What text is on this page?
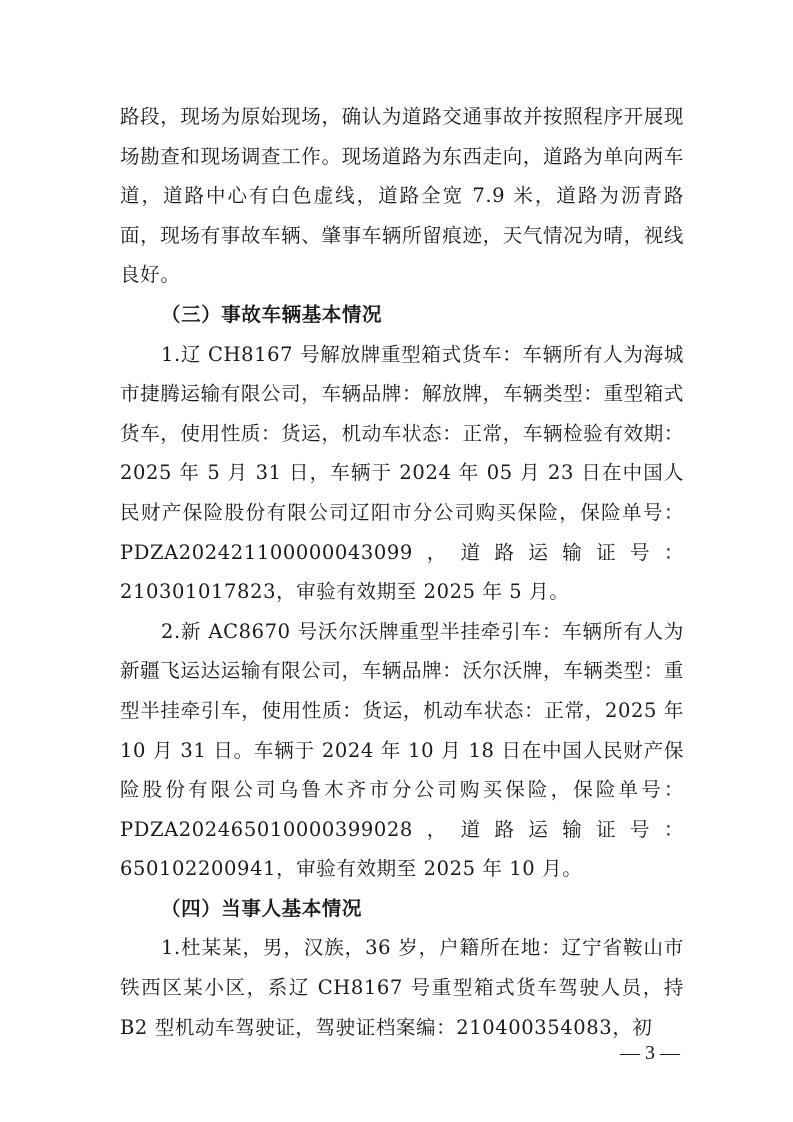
路段，现场为原始现场，确认为道路交通事故并按照程序开展现场勘查和现场调查工作。现场道路为东西走向，道路为单向两车道，道路中心有白色虚线，道路全宽 7.9 米，道路为沥青路面，现场有事故车辆、肇事车辆所留痕迹，天气情况为晴，视线良好。

（三）事故车辆基本情况

1.辽 CH8167 号解放牌重型箱式货车：车辆所有人为海城市捷腾运输有限公司，车辆品牌：解放牌，车辆类型：重型箱式货车，使用性质：货运，机动车状态：正常，车辆检验有效期：2025 年 5 月 31 日，车辆于 2024 年 05 月 23 日在中国人民财产保险股份有限公司辽阳市分公司购买保险，保险单号：PDZA202421100000043099，道路运输证号：210301017823，审验有效期至 2025 年 5 月。

2.新 AC8670 号沃尔沃牌重型半挂牵引车：车辆所有人为新疆飞运达运输有限公司，车辆品牌：沃尔沃牌，车辆类型：重型半挂牵引车，使用性质：货运，机动车状态：正常，2025 年 10 月 31 日。车辆于 2024 年 10 月 18 日在中国人民财产保险股份有限公司乌鲁木齐市分公司购买保险，保险单号：PDZA202465010000399028，道路运输证号：650102200941，审验有效期至 2025 年 10 月。

（四）当事人基本情况

1.杜某某，男，汉族，36 岁，户籍所在地：辽宁省鞍山市铁西区某小区，系辽 CH8167 号重型箱式货车驾驶人员，持 B2 型机动车驾驶证，驾驶证档案编：210400354083，初

— 3 —
